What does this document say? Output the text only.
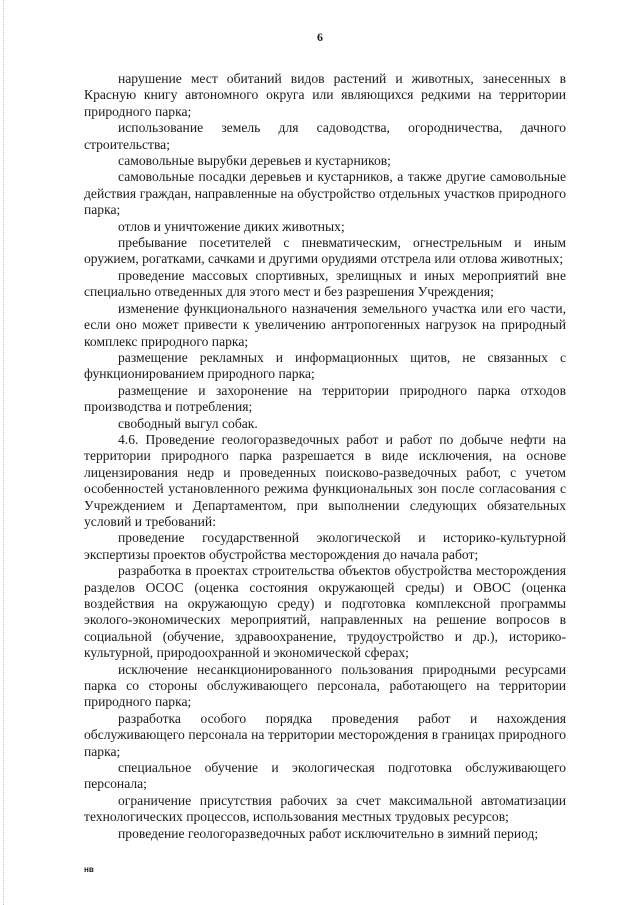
6

нарушение мест обитаний видов растений и животных, занесенных в Красную книгу автономного округа или являющихся редкими на территории природного парка;

использование земель для садоводства, огородничества, дачного строительства;

самовольные вырубки деревьев и кустарников;

самовольные посадки деревьев и кустарников, а также другие самовольные действия граждан, направленные на обустройство отдельных участков природного парка;

отлов и уничтожение диких животных;

пребывание посетителей с пневматическим, огнестрельным и иным оружием, рогатками, сачками и другими орудиями отстрела или отлова животных;

проведение массовых спортивных, зрелищных и иных мероприятий вне специально отведенных для этого мест и без разрешения Учреждения;

изменение функционального назначения земельного участка или его части, если оно может привести к увеличению антропогенных нагрузок на природный комплекс природного парка;

размещение рекламных и информационных щитов, не связанных с функционированием природного парка;

размещение и захоронение на территории природного парка отходов производства и потребления;

свободный выгул собак.

4.6. Проведение геологоразведочных работ и работ по добыче нефти на территории природного парка разрешается в виде исключения, на основе лицензирования недр и проведенных поисково-разведочных работ, с учетом особенностей установленного режима функциональных зон после согласования с Учреждением и Департаментом, при выполнении следующих обязательных условий и требований:

проведение государственной экологической и историко-культурной экспертизы проектов обустройства месторождения до начала работ;

разработка в проектах строительства объектов обустройства месторождения разделов ОСОС (оценка состояния окружающей среды) и ОВОС (оценка воздействия на окружающую среду) и подготовка комплексной программы эколого-экономических мероприятий, направленных на решение вопросов в социальной (обучение, здравоохранение, трудоустройство и др.), историко-культурной, природоохранной и экономической сферах;

исключение несанкционированного пользования природными ресурсами парка со стороны обслуживающего персонала, работающего на территории природного парка;

разработка особого порядка проведения работ и нахождения обслуживающего персонала на территории месторождения в границах природного парка;

специальное обучение и экологическая подготовка обслуживающего персонала;

ограничение присутствия рабочих за счет максимальной автоматизации технологических процессов, использования местных трудовых ресурсов;

проведение геологоразведочных работ исключительно в зимний период;

нв
